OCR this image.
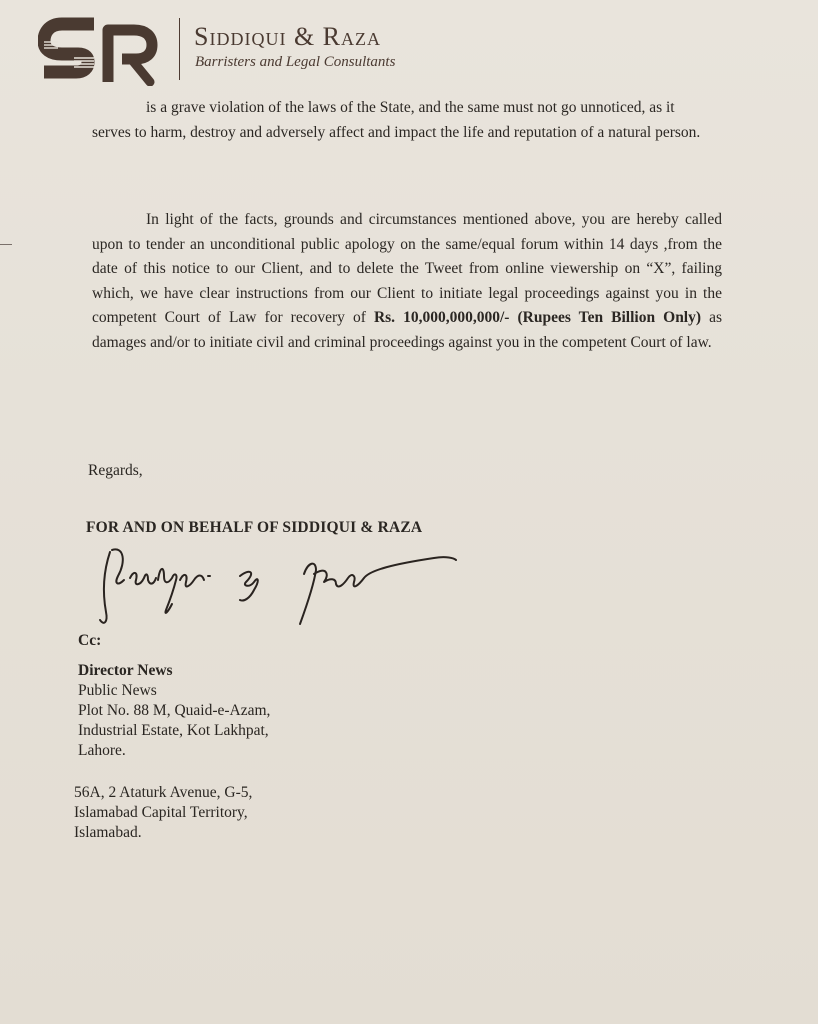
Siddiqui & Raza
Barristers and Legal Consultants

is a grave violation of the laws of the State, and the same must not go unnoticed, as it
serves to harm, destroy and adversely affect and impact the life and reputation of a natural person.

In light of the facts, grounds and circumstances mentioned above, you are hereby called upon to tender an unconditional public apology on the same/equal forum within 14 days ,from the date of this notice to our Client, and to delete the Tweet from online viewership on “X”, failing which, we have clear instructions from our Client to initiate legal proceedings against you in the competent Court of Law for recovery of Rs. 10,000,000,000/- (Rupees Ten Billion Only) as damages and/or to initiate civil and criminal proceedings against you in the competent Court of law.

Regards,
FOR AND ON BEHALF OF SIDDIQUI & RAZA
Cc:
Director News
Public News
Plot No. 88 M, Quaid-e-Azam,
Industrial Estate, Kot Lakhpat,
Lahore.
56A, 2 Ataturk Avenue, G-5,
Islamabad Capital Territory,
Islamabad.
